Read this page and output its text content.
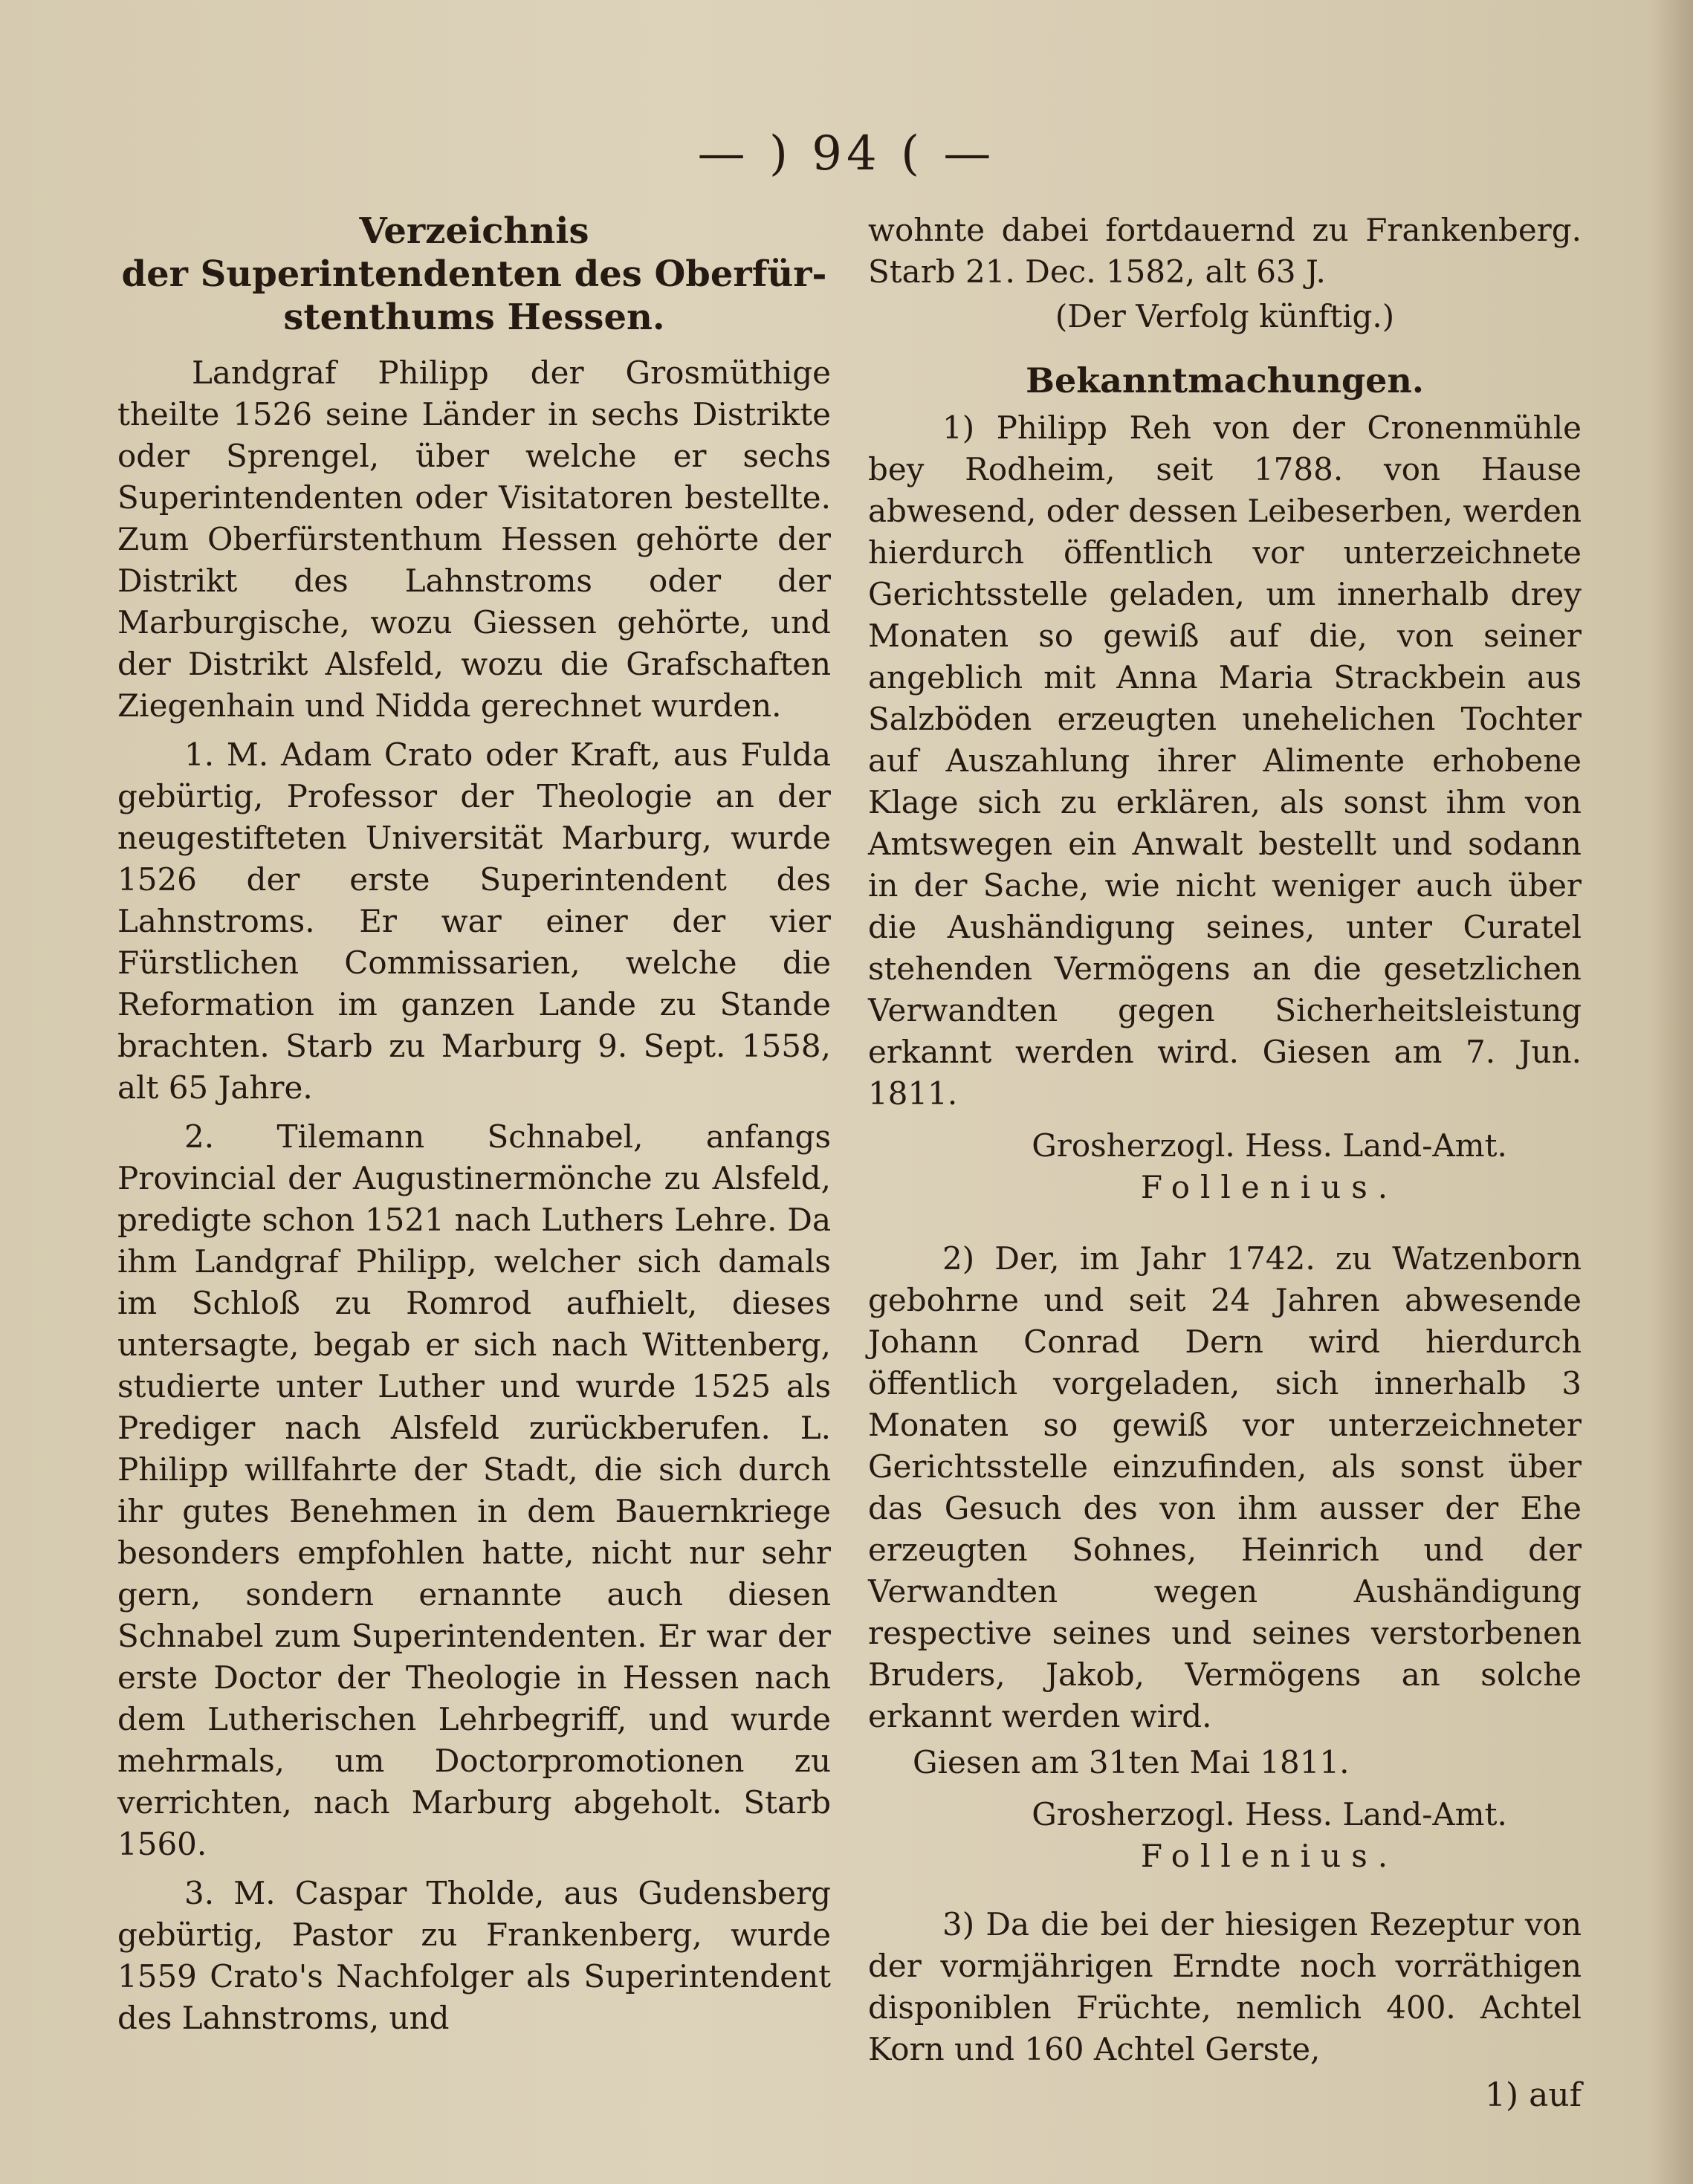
— ) 94 ( —
Verzeichnis
der Superintendenten des Oberfür-
stenthums Hessen.

Landgraf Philipp der Grosmüthige theilte 1526 seine Länder in sechs Distrikte oder Sprengel, über welche er sechs Superintendenten oder Visitatoren bestellte. Zum Oberfürstenthum Hessen gehörte der Distrikt des Lahnstroms oder der Marburgische, wozu Giessen gehörte, und der Distrikt Alsfeld, wozu die Grafschaften Ziegenhain und Nidda gerechnet wurden.

1. M. Adam Crato oder Kraft, aus Fulda gebürtig, Professor der Theologie an der neugestifteten Universität Marburg, wurde 1526 der erste Superintendent des Lahnstroms. Er war einer der vier Fürstlichen Commissarien, welche die Reformation im ganzen Lande zu Stande brachten. Starb zu Marburg 9. Sept. 1558, alt 65 Jahre.

2. Tilemann Schnabel, anfangs Provincial der Augustinermönche zu Alsfeld, predigte schon 1521 nach Luthers Lehre. Da ihm Landgraf Philipp, welcher sich damals im Schloß zu Romrod aufhielt, dieses untersagte, begab er sich nach Wittenberg, studierte unter Luther und wurde 1525 als Prediger nach Alsfeld zurückberufen. L. Philipp willfahrte der Stadt, die sich durch ihr gutes Benehmen in dem Bauernkriege besonders empfohlen hatte, nicht nur sehr gern, sondern ernannte auch diesen Schnabel zum Superintendenten. Er war der erste Doctor der Theologie in Hessen nach dem Lutherischen Lehrbegriff, und wurde mehrmals, um Doctorpromotionen zu verrichten, nach Marburg abgeholt. Starb 1560.

3. M. Caspar Tholde, aus Gudensberg gebürtig, Pastor zu Frankenberg, wurde 1559 Crato's Nachfolger als Superintendent des Lahnstroms, und

wohnte dabei fortdauernd zu Frankenberg. Starb 21. Dec. 1582, alt 63 J.

(Der Verfolg künftig.)
Bekanntmachungen.

1) Philipp Reh von der Cronenmühle bey Rodheim, seit 1788. von Hause abwesend, oder dessen Leibeserben, werden hierdurch öffentlich vor unterzeichnete Gerichtsstelle geladen, um innerhalb drey Monaten so gewiß auf die, von seiner angeblich mit Anna Maria Strackbein aus Salzböden erzeugten unehelichen Tochter auf Auszahlung ihrer Alimente erhobene Klage sich zu erklären, als sonst ihm von Amtswegen ein Anwalt bestellt und sodann in der Sache, wie nicht weniger auch über die Aushändigung seines, unter Curatel stehenden Vermögens an die gesetzlichen Verwandten gegen Sicherheitsleistung erkannt werden wird. Giesen am 7. Jun. 1811.

Grosherzogl. Hess. Land-Amt.
Follenius.

2) Der, im Jahr 1742. zu Watzenborn gebohrne und seit 24 Jahren abwesende Johann Conrad Dern wird hierdurch öffentlich vorgeladen, sich innerhalb 3 Monaten so gewiß vor unterzeichneter Gerichtsstelle einzufinden, als sonst über das Gesuch des von ihm ausser der Ehe erzeugten Sohnes, Heinrich und der Verwandten wegen Aushändigung respective seines und seines verstorbenen Bruders, Jakob, Vermögens an solche erkannt werden wird.

Giesen am 31ten Mai 1811.
Grosherzogl. Hess. Land-Amt.
Follenius.

3) Da die bei der hiesigen Rezeptur von der vormjährigen Erndte noch vorräthigen disponiblen Früchte, nemlich 400. Achtel Korn und 160 Achtel Gerste,

1) auf
